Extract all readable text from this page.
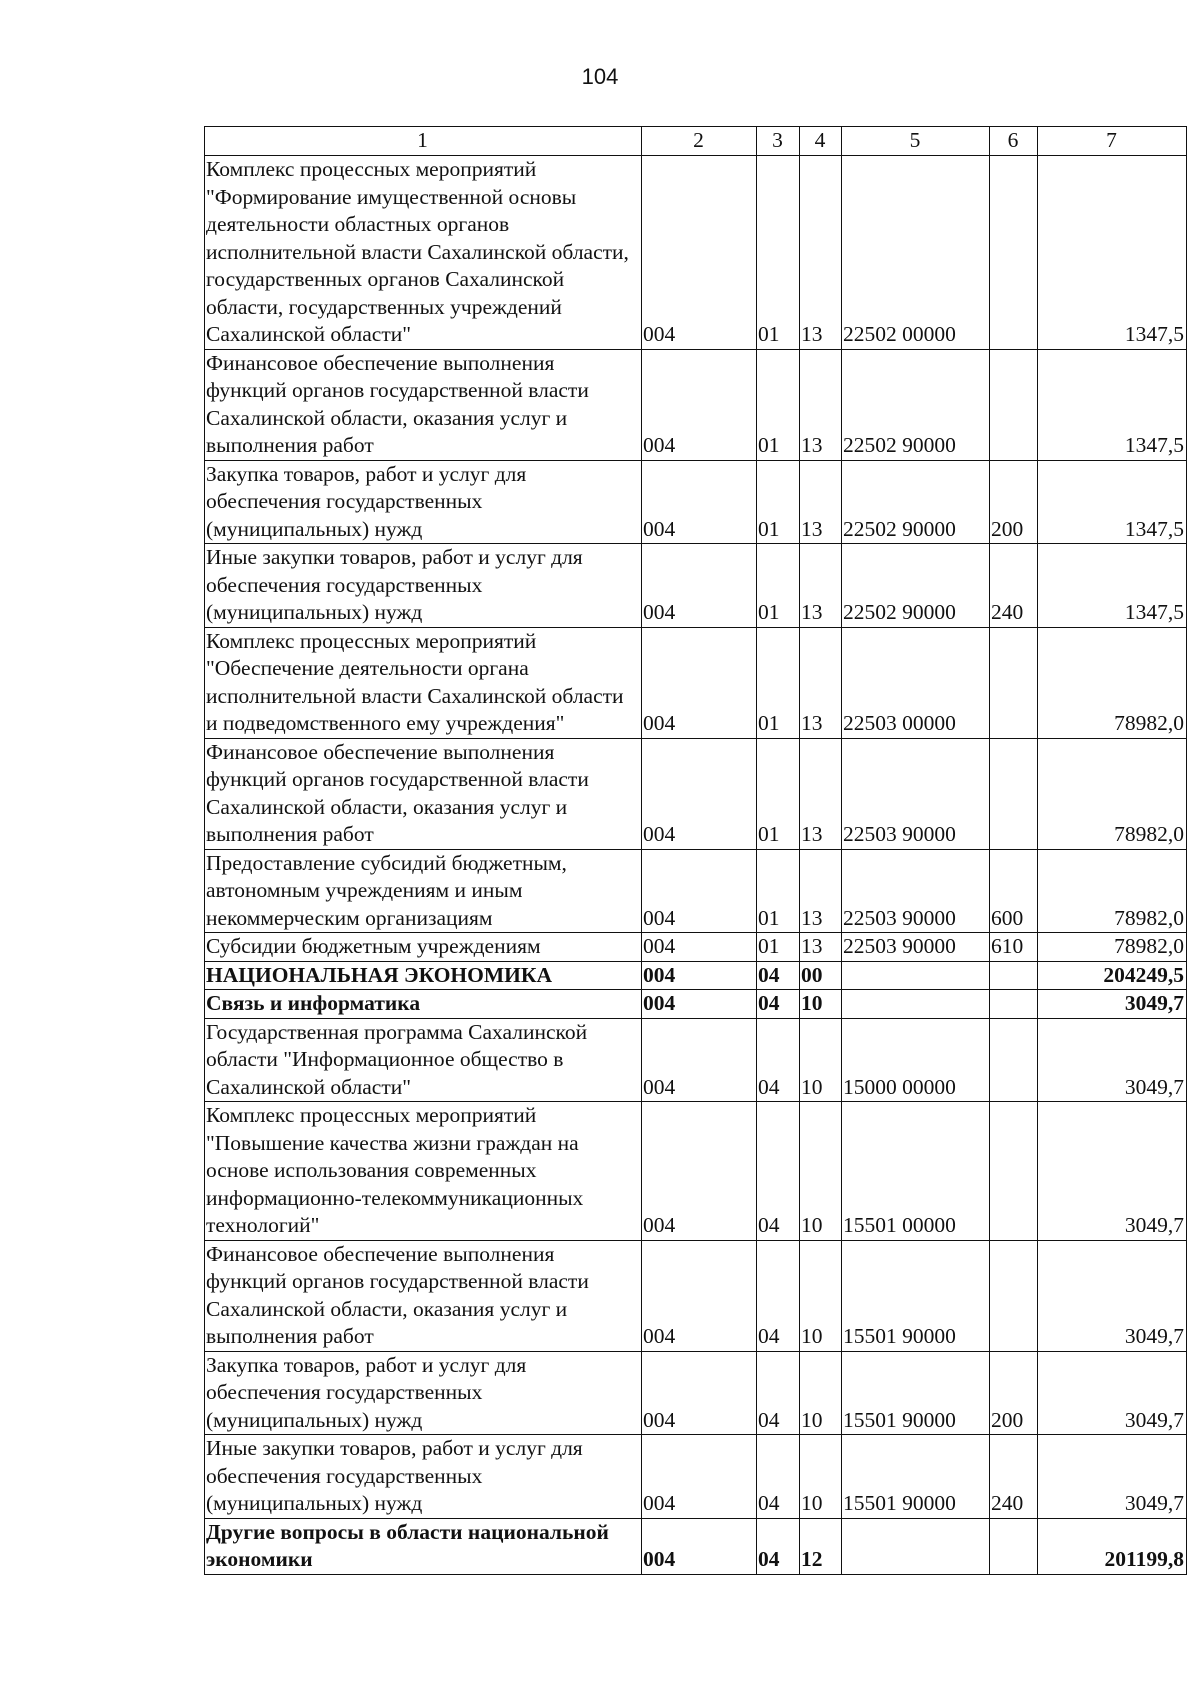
104
1	2	3	4	5	6	7
Комплекс процессных мероприятий "Формирование имущественной основы деятельности областных органов исполнительной власти Сахалинской области, государственных органов Сахалинской области, государственных учреждений Сахалинской области"	004	01	13	22502 00000		1347,5
Финансовое обеспечение выполнения функций органов государственной власти Сахалинской области, оказания услуг и выполнения работ	004	01	13	22502 90000		1347,5
Закупка товаров, работ и услуг для обеспечения государственных (муниципальных) нужд	004	01	13	22502 90000	200	1347,5
Иные закупки товаров, работ и услуг для обеспечения государственных (муниципальных) нужд	004	01	13	22502 90000	240	1347,5
Комплекс процессных мероприятий "Обеспечение деятельности органа исполнительной власти Сахалинской области и подведомственного ему учреждения"	004	01	13	22503 00000		78982,0
Финансовое обеспечение выполнения функций органов государственной власти Сахалинской области, оказания услуг и выполнения работ	004	01	13	22503 90000		78982,0
Предоставление субсидий бюджетным, автономным учреждениям и иным некоммерческим организациям	004	01	13	22503 90000	600	78982,0
Субсидии бюджетным учреждениям	004	01	13	22503 90000	610	78982,0
НАЦИОНАЛЬНАЯ ЭКОНОМИКА	004	04	00			204249,5
Связь и информатика	004	04	10			3049,7
Государственная программа Сахалинской области "Информационное общество в Сахалинской области"	004	04	10	15000 00000		3049,7
Комплекс процессных мероприятий "Повышение качества жизни граждан на основе использования современных информационно-телекоммуникационных технологий"	004	04	10	15501 00000		3049,7
Финансовое обеспечение выполнения функций органов государственной власти Сахалинской области, оказания услуг и выполнения работ	004	04	10	15501 90000		3049,7
Закупка товаров, работ и услуг для обеспечения государственных (муниципальных) нужд	004	04	10	15501 90000	200	3049,7
Иные закупки товаров, работ и услуг для обеспечения государственных (муниципальных) нужд	004	04	10	15501 90000	240	3049,7
Другие вопросы в области национальной экономики	004	04	12			201199,8
